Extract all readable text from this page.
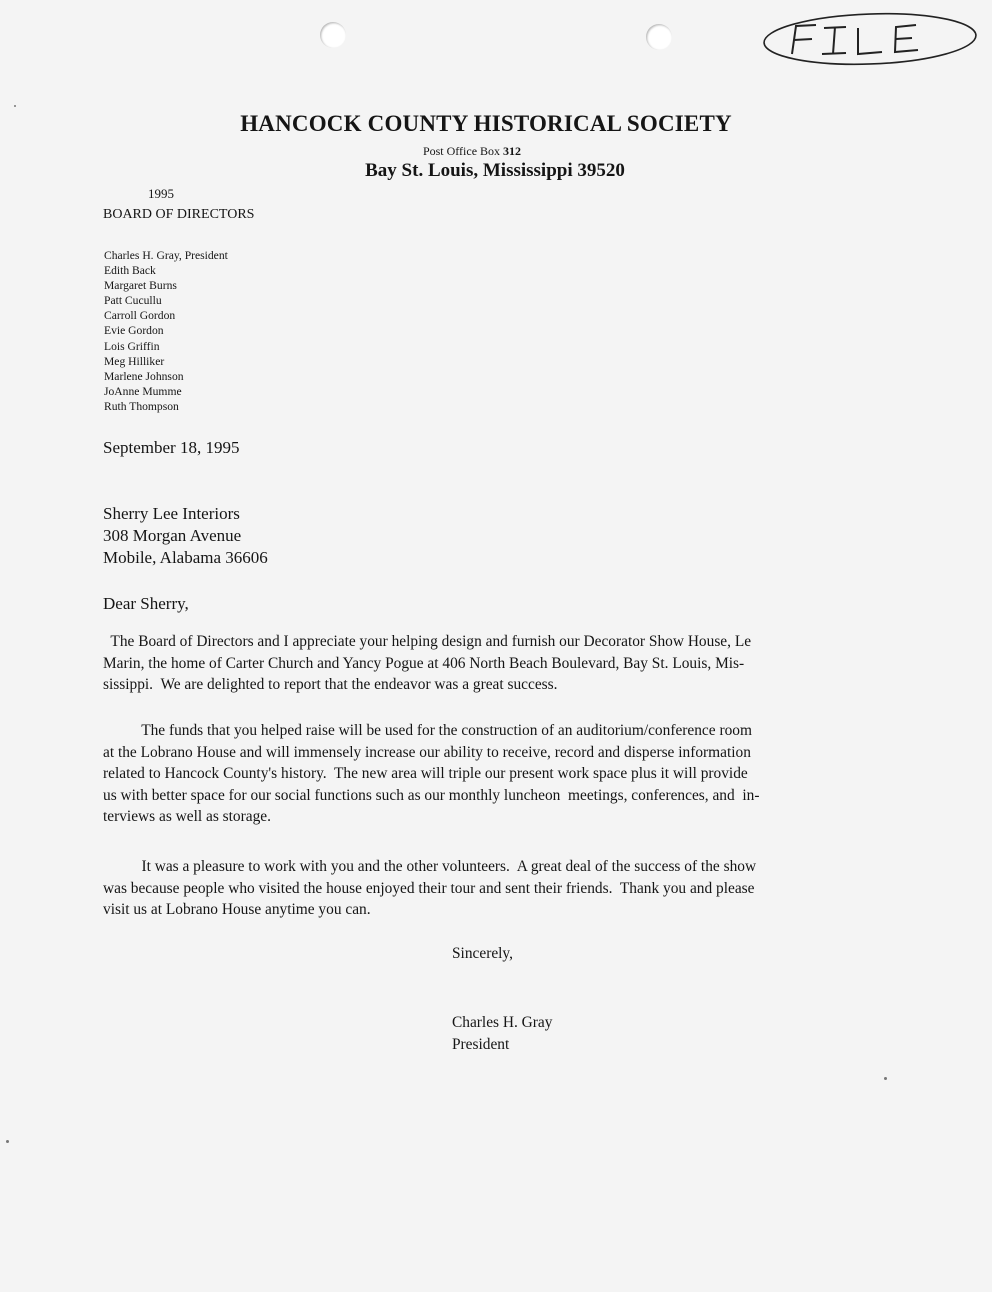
HANCOCK COUNTY HISTORICAL SOCIETY
Post Office Box 312
Bay St. Louis, Mississippi 39520
1995
BOARD OF DIRECTORS
Charles H. Gray, President
Edith Back
Margaret Burns
Patt Cucullu
Carroll Gordon
Evie Gordon
Lois Griffin
Meg Hilliker
Marlene Johnson
JoAnne Mumme
Ruth Thompson
September 18, 1995
Sherry Lee Interiors
308 Morgan Avenue
Mobile, Alabama 36606
Dear Sherry,
The Board of Directors and I appreciate your helping design and furnish our Decorator Show House, Le
Marin, the home of Carter Church and Yancy Pogue at 406 North Beach Boulevard, Bay St. Louis, Mis-
sissippi.  We are delighted to report that the endeavor was a great success.
The funds that you helped raise will be used for the construction of an auditorium/conference room
at the Lobrano House and will immensely increase our ability to receive, record and disperse information
related to Hancock County's history.  The new area will triple our present work space plus it will provide
us with better space for our social functions such as our monthly luncheon  meetings, conferences, and  in-
terviews as well as storage.
It was a pleasure to work with you and the other volunteers.  A great deal of the success of the show
was because people who visited the house enjoyed their tour and sent their friends.  Thank you and please
visit us at Lobrano House anytime you can.
Sincerely,
Charles H. Gray
President
